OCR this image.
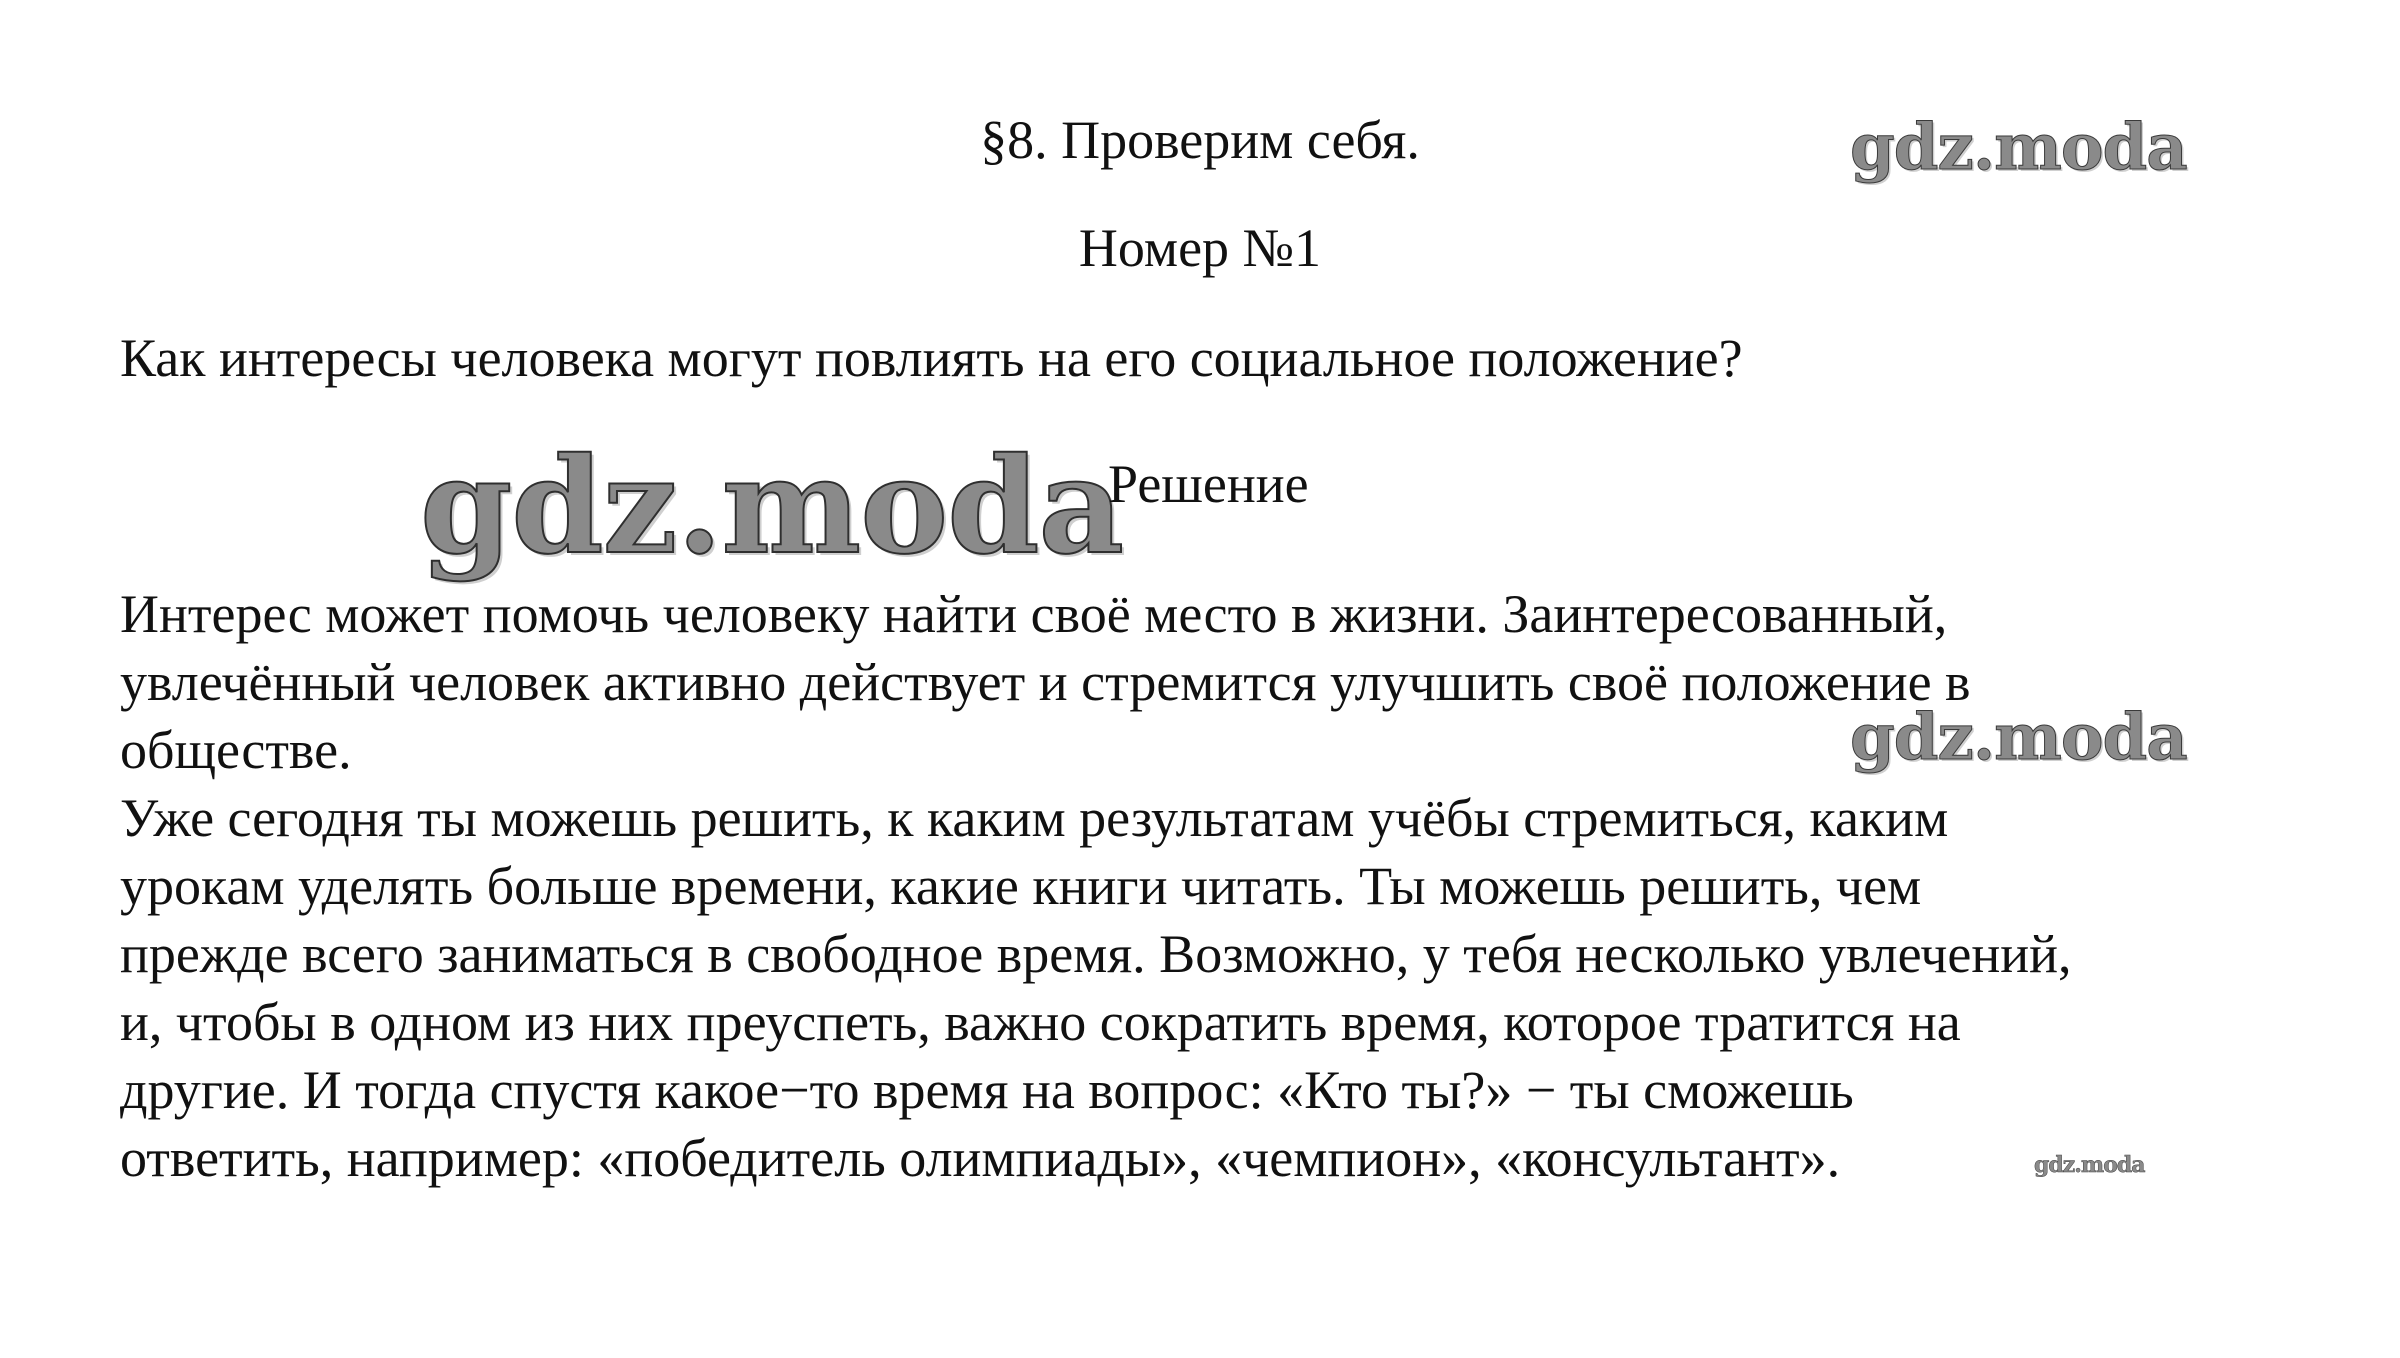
§8. Проверим себя.	gdz.moda
Номер №1
Как интересы человека могут повлиять на его социальное положение?
gdz.moda
Решение

Интерес может помочь человеку найти своё место в жизни. Заинтересованный,

увлечённый человек активно действует и стремится улучшить своё положение в

обществе.

Уже сегодня ты можешь решить, к каким результатам учёбы стремиться, каким

урокам уделять больше времени, какие книги читать. Ты можешь решить, чем

прежде всего заниматься в свободное время. Возможно, у тебя несколько увлечений,

и, чтобы в одном из них преуспеть, важно сократить время, которое тратится на

другие. И тогда спустя какое−то время на вопрос: «Кто ты?» − ты сможешь

ответить, например: «победитель олимпиады», «чемпион», «консультант».

gdz.moda
gdz.moda
